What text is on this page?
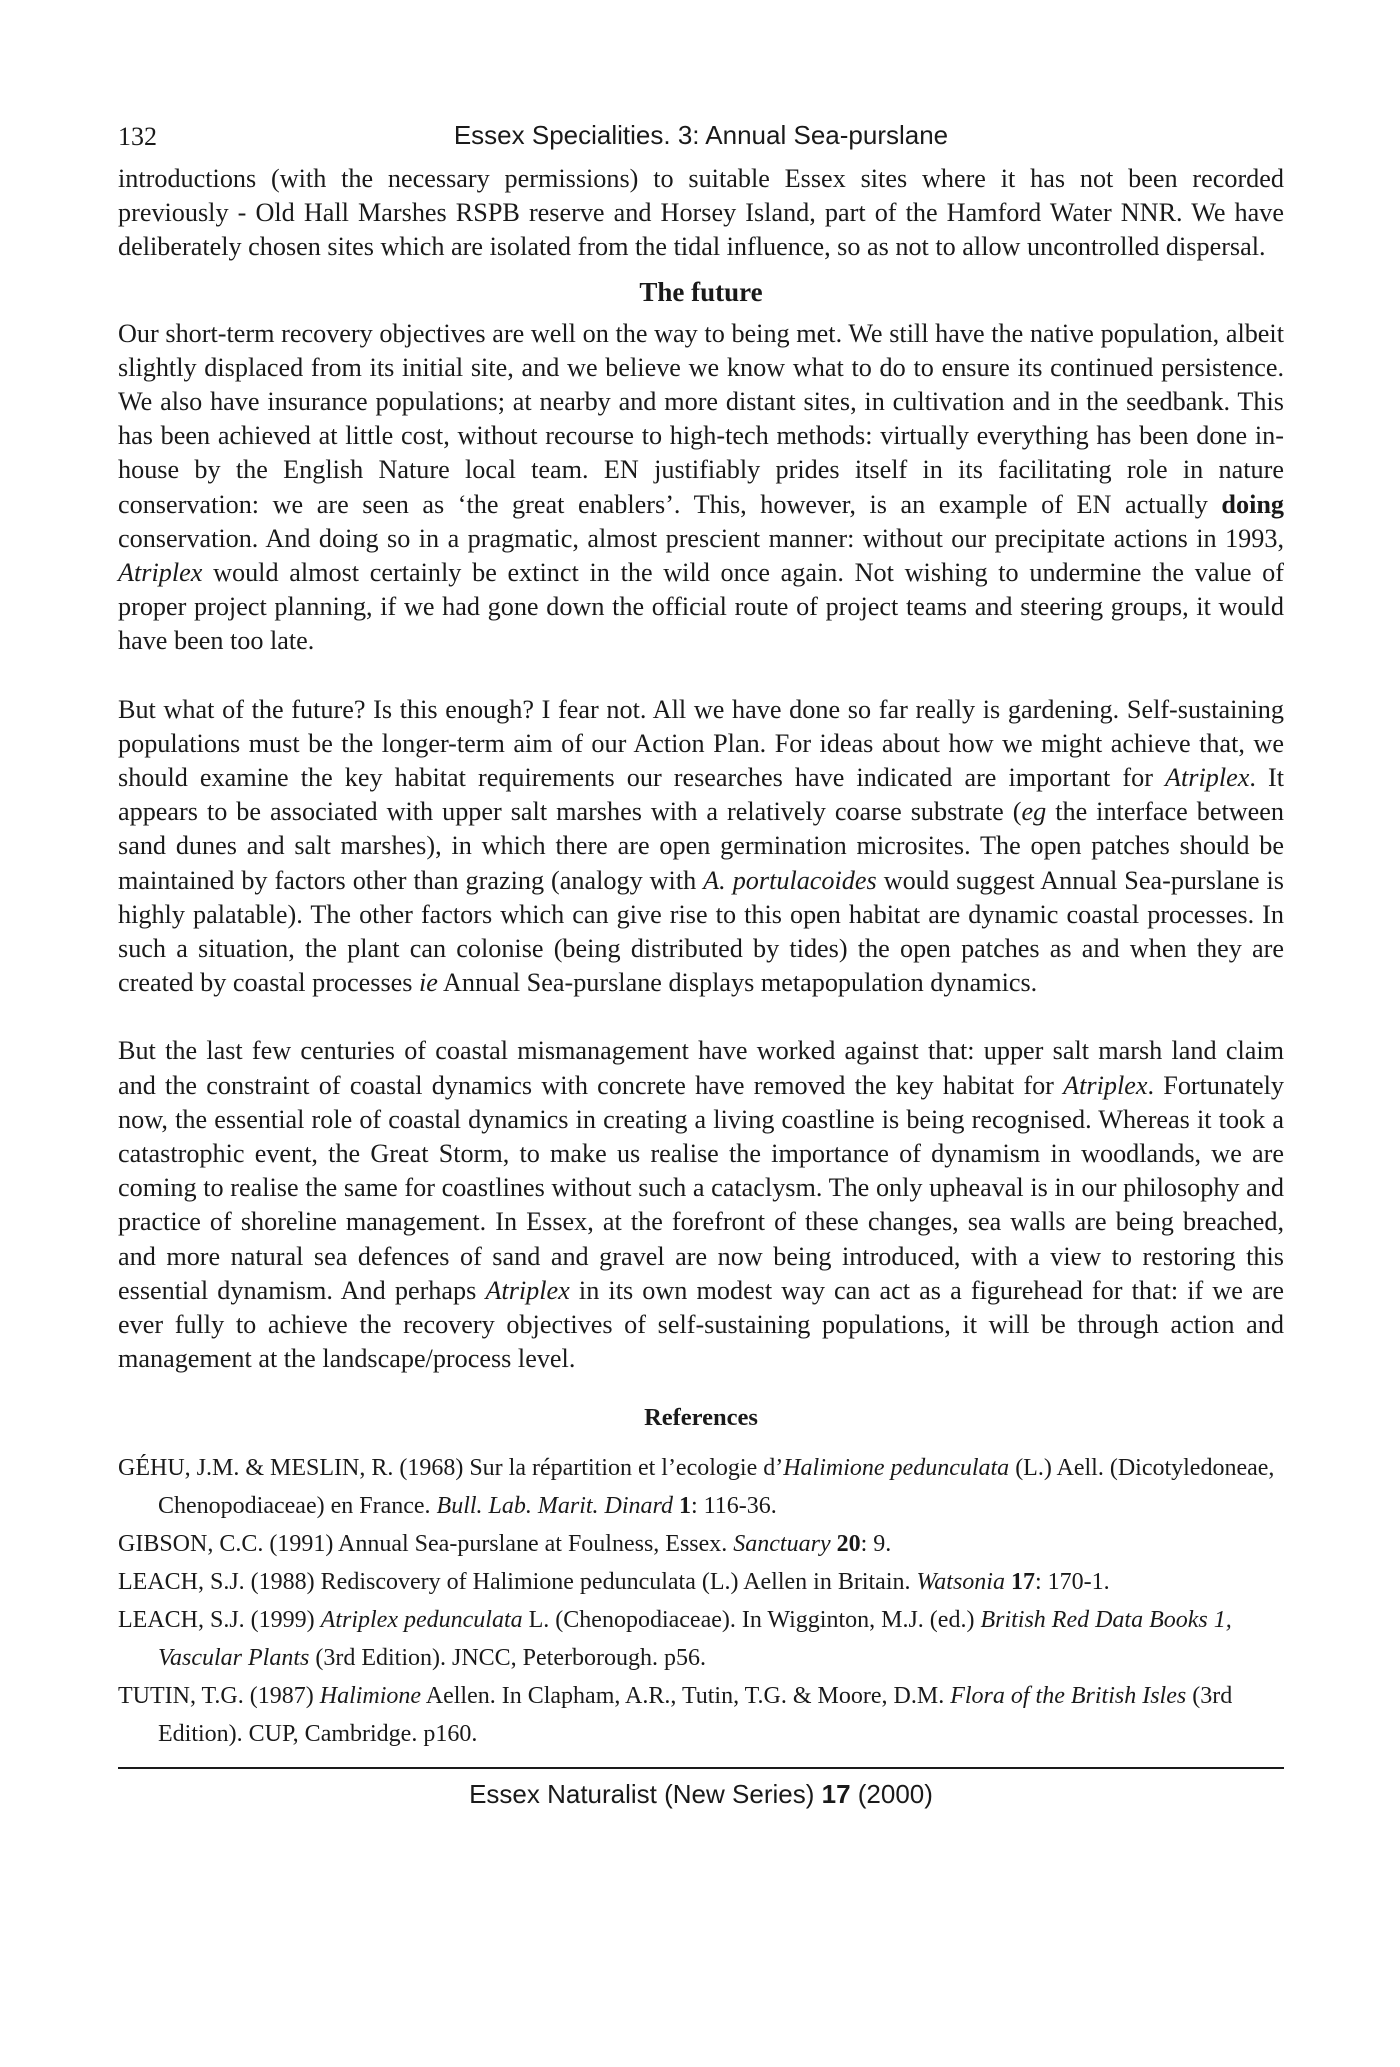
132	Essex Specialities. 3: Annual Sea-purslane

introductions (with the necessary permissions) to suitable Essex sites where it has not been recorded previously - Old Hall Marshes RSPB reserve and Horsey Island, part of the Hamford Water NNR. We have deliberately chosen sites which are isolated from the tidal influence, so as not to allow uncontrolled dispersal.

The future

Our short-term recovery objectives are well on the way to being met. We still have the native population, albeit slightly displaced from its initial site, and we believe we know what to do to ensure its continued persistence. We also have insurance populations; at nearby and more distant sites, in cultivation and in the seedbank. This has been achieved at little cost, without recourse to high-tech methods: virtually everything has been done in-house by the English Nature local team. EN justifiably prides itself in its facilitating role in nature conservation: we are seen as ‘the great enablers’. This, however, is an example of EN actually doing conservation. And doing so in a pragmatic, almost prescient manner: without our precipitate actions in 1993, Atriplex would almost certainly be extinct in the wild once again. Not wishing to undermine the value of proper project planning, if we had gone down the official route of project teams and steering groups, it would have been too late.

But what of the future? Is this enough? I fear not. All we have done so far really is gardening. Self-sustaining populations must be the longer-term aim of our Action Plan. For ideas about how we might achieve that, we should examine the key habitat requirements our researches have indicated are important for Atriplex. It appears to be associated with upper salt marshes with a relatively coarse substrate (eg the interface between sand dunes and salt marshes), in which there are open germination microsites. The open patches should be maintained by factors other than grazing (analogy with A. portulacoides would suggest Annual Sea-purslane is highly palatable). The other factors which can give rise to this open habitat are dynamic coastal processes. In such a situation, the plant can colonise (being distributed by tides) the open patches as and when they are created by coastal processes ie Annual Sea-purslane displays metapopulation dynamics.

But the last few centuries of coastal mismanagement have worked against that: upper salt marsh land claim and the constraint of coastal dynamics with concrete have removed the key habitat for Atriplex. Fortunately now, the essential role of coastal dynamics in creating a living coastline is being recognised. Whereas it took a catastrophic event, the Great Storm, to make us realise the importance of dynamism in woodlands, we are coming to realise the same for coastlines without such a cataclysm. The only upheaval is in our philosophy and practice of shoreline management. In Essex, at the forefront of these changes, sea walls are being breached, and more natural sea defences of sand and gravel are now being introduced, with a view to restoring this essential dynamism. And perhaps Atriplex in its own modest way can act as a figurehead for that: if we are ever fully to achieve the recovery objectives of self-sustaining populations, it will be through action and management at the landscape/process level.

References

GÉHU, J.M. & MESLIN, R. (1968) Sur la répartition et l’ecologie d’Halimione pedunculata (L.) Aell. (Dicotyledoneae, Chenopodiaceae) en France. Bull. Lab. Marit. Dinard 1: 116-36.

GIBSON, C.C. (1991) Annual Sea-purslane at Foulness, Essex. Sanctuary 20: 9.

LEACH, S.J. (1988) Rediscovery of Halimione pedunculata (L.) Aellen in Britain. Watsonia 17: 170-1.

LEACH, S.J. (1999) Atriplex pedunculata L. (Chenopodiaceae). In Wigginton, M.J. (ed.) British Red Data Books 1, Vascular Plants (3rd Edition). JNCC, Peterborough. p56.

TUTIN, T.G. (1987) Halimione Aellen. In Clapham, A.R., Tutin, T.G. & Moore, D.M. Flora of the British Isles (3rd Edition). CUP, Cambridge. p160.

Essex Naturalist (New Series) 17 (2000)
